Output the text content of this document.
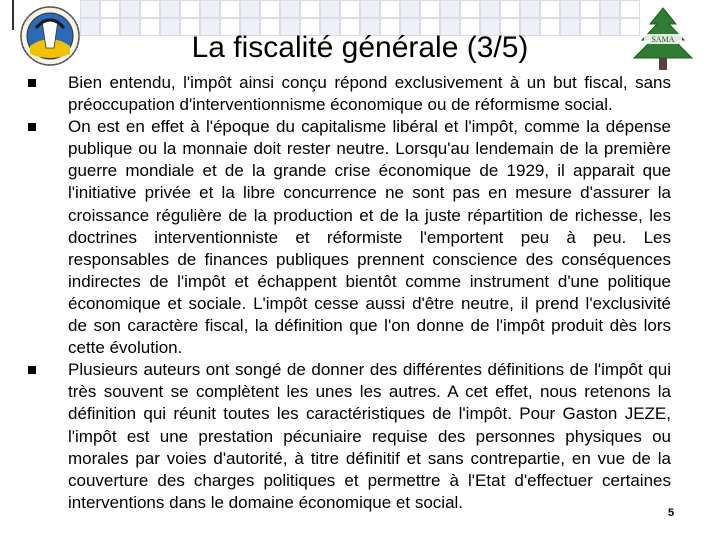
La fiscalité générale (3/5)	SAMA

Bien entendu, l'impôt ainsi conçu répond exclusivement à un but fiscal, sans préoccupation d'interventionnisme économique ou de réformisme social.

On est en effet à l'époque du capitalisme libéral et l'impôt, comme la dépense publique ou la monnaie doit rester neutre. Lorsqu'au lendemain de la première guerre mondiale et de la grande crise économique de 1929, il apparait que l'initiative privée et la libre concurrence ne sont pas en mesure d'assurer la croissance régulière de la production et de la juste répartition de richesse, les doctrines interventionniste et réformiste l'emportent peu à peu. Les responsables de finances publiques prennent conscience des conséquences indirectes de l'impôt et échappent bientôt comme instrument d'une politique économique et sociale. L'impôt cesse aussi d'être neutre, il prend l'exclusivité de son caractère fiscal, la définition que l'on donne de l'impôt produit dès lors cette évolution.

Plusieurs auteurs ont songé de donner des différentes définitions de l'impôt qui très souvent se complètent les unes les autres. A cet effet, nous retenons la définition qui réunit toutes les caractéristiques de l'impôt. Pour Gaston JEZE, l'impôt est une prestation pécuniaire requise des personnes physiques ou morales par voies d'autorité, à titre définitif et sans contrepartie, en vue de la couverture des charges politiques et permettre à l'Etat d'effectuer certaines interventions dans le domaine économique et social.

5
